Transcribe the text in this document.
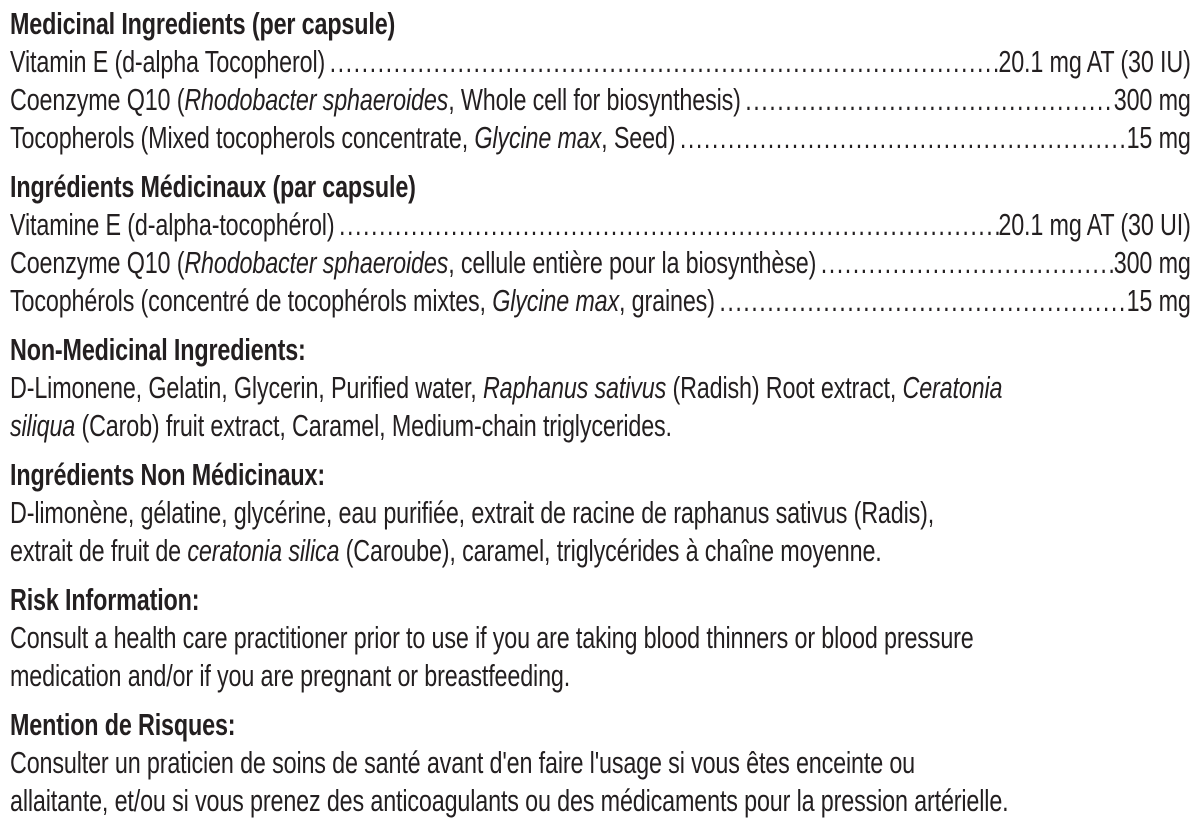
Medicinal Ingredients (per capsule)
Vitamin E (d-alpha Tocopherol) .....	20.1 mg AT (30 IU)
Coenzyme Q10 (Rhodobacter sphaeroides, Whole cell for biosynthesis) .....	300 mg
Tocopherols (Mixed tocopherols concentrate, Glycine max, Seed) .....	15 mg
Ingrédients Médicinaux (par capsule)
Vitamine E (d-alpha-tocophérol) .....	20.1 mg AT (30 UI)
Coenzyme Q10 (Rhodobacter sphaeroides, cellule entière pour la biosynthèse) .....	300 mg
Tocophérols (concentré de tocophérols mixtes, Glycine max, graines) .....	15 mg
Non-Medicinal Ingredients:
D-Limonene, Gelatin, Glycerin, Purified water, Raphanus sativus (Radish) Root extract, Ceratonia
siliqua (Carob) fruit extract, Caramel, Medium-chain triglycerides.
Ingrédients Non Médicinaux:
D-limonène, gélatine, glycérine, eau purifiée, extrait de racine de raphanus sativus (Radis),
extrait de fruit de ceratonia silica (Caroube), caramel, triglycérides à chaîne moyenne.
Risk Information:
Consult a health care practitioner prior to use if you are taking blood thinners or blood pressure
medication and/or if you are pregnant or breastfeeding.
Mention de Risques:
Consulter un praticien de soins de santé avant d'en faire l'usage si vous êtes enceinte ou
allaitante, et/ou si vous prenez des anticoagulants ou des médicaments pour la pression artérielle.
